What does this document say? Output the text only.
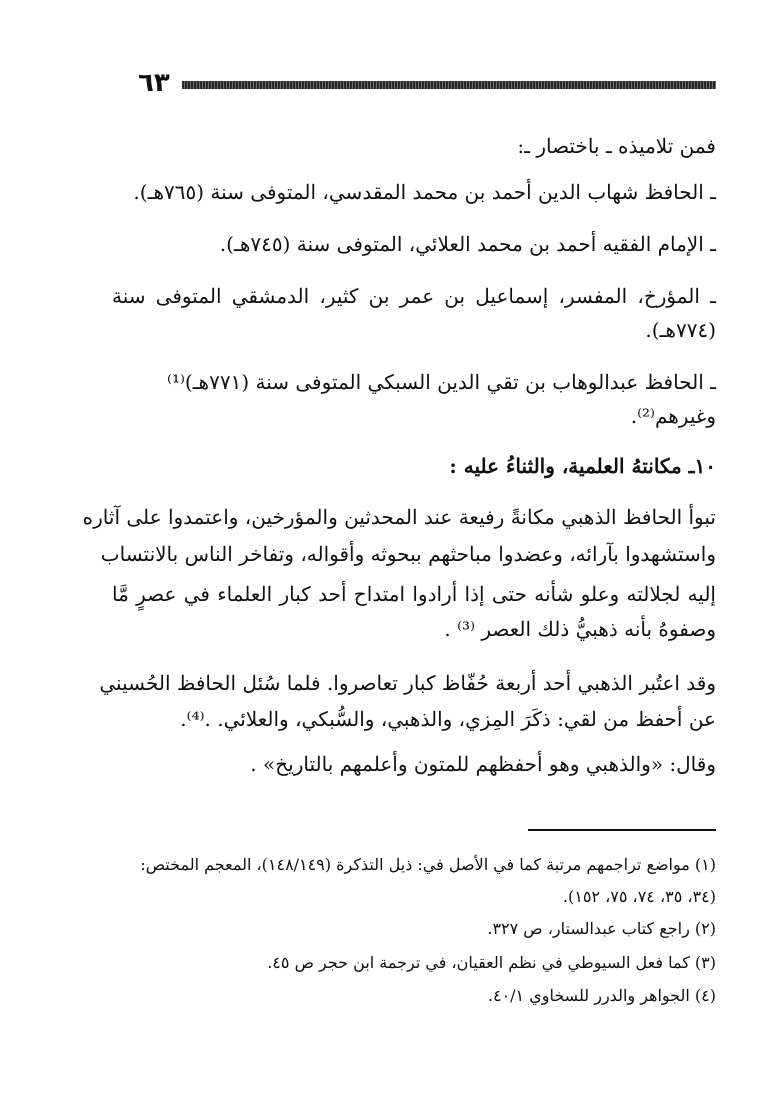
٦٣
فمن تلاميذه ـ باختصار ـ:
ـ الحافظ شهاب الدين أحمد بن محمد المقدسي، المتوفى سنة (٧٦٥هـ).
ـ الإمام الفقيه أحمد بن محمد العلائي، المتوفى سنة (٧٤٥هـ).
ـ المؤرخ، المفسر، إسماعيل بن عمر بن كثير، الدمشقي المتوفى سنة
(٧٧٤هـ).
ـ الحافظ عبدالوهاب بن تقي الدين السبكي المتوفى سنة (٧٧١هـ)⁽¹⁾
وغيرهم⁽²⁾.
١٠ـ مكانتهُ العلمية، والثناءُ عليه :
تبوأ الحافظ الذهبي مكانةً رفيعة عند المحدثين والمؤرخين، واعتمدوا على آثاره
واستشهدوا بآرائه، وعضدوا مباحثهم ببحوثه وأقواله، وتفاخر الناس بالانتساب
إليه لجلالته وعلو شأنه حتى إذا أرادوا امتداح أحد كبار العلماء في عصرٍ مَّا
وصفوهُ بأنه ذهبيُّ ذلك العصر ⁽³⁾ .
وقد اعتُبر الذهبي أحد أربعة حُفّاظ كبار تعاصروا. فلما سُئل الحافظ الحُسيني
عن أحفظ من لقي: ذكَرَ المِزي، والذهبي، والسُّبكي، والعلائي. .⁽⁴⁾.
وقال: «والذهبي وهو أحفظهم للمتون وأعلمهم بالتاريخ» .
(١) مواضع تراجمهم مرتبة كما في الأصل في: ذيل التذكرة (١٤٨/١٤٩)، المعجم المختص:
(٣٤، ٣٥، ٧٤، ٧٥، ١٥٢).
(٢) راجع كتاب عبدالستار، ص ٣٢٧.
(٣) كما فعل السيوطي في نظم العقيان، في ترجمة ابن حجر ص ٤٥.
(٤) الجواهر والدرر للسخاوي ٤٠/١.
